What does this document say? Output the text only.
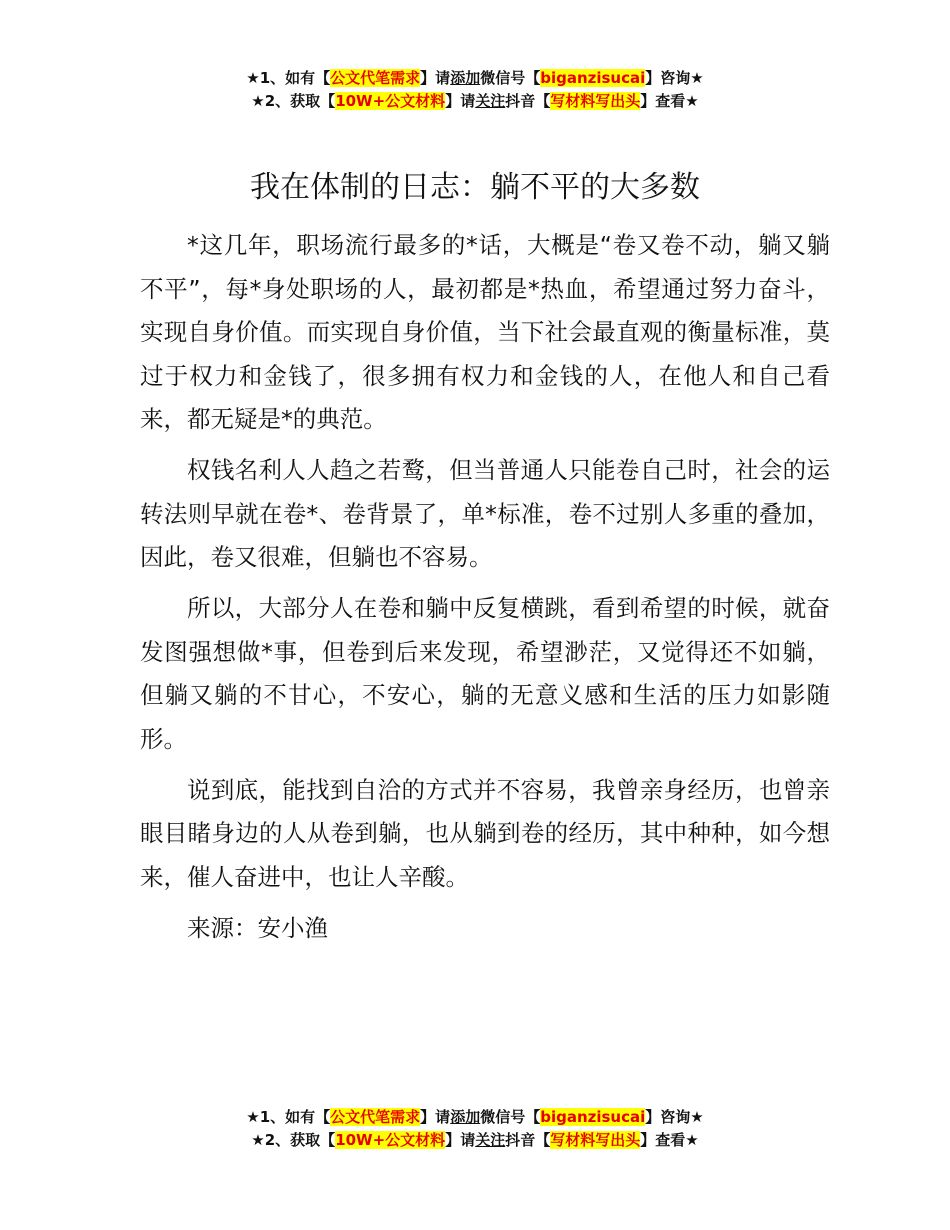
★1、如有【公文代笔需求】请添加微信号【biganzisucai】咨询★
★2、获取【10W+公文材料】请关注抖音【写材料写出头】查看★
我在体制的日志：躺不平的大多数

*这几年，职场流行最多的*话，大概是“卷又卷不动，躺又躺不平”，每*身处职场的人，最初都是*热血，希望通过努力奋斗，实现自身价值。而实现自身价值，当下社会最直观的衡量标准，莫过于权力和金钱了，很多拥有权力和金钱的人，在他人和自己看来，都无疑是*的典范。

权钱名利人人趋之若鹜，但当普通人只能卷自己时，社会的运转法则早就在卷*、卷背景了，单*标准，卷不过别人多重的叠加，因此，卷又很难，但躺也不容易。

所以，大部分人在卷和躺中反复横跳，看到希望的时候，就奋发图强想做*事，但卷到后来发现，希望渺茫，又觉得还不如躺，但躺又躺的不甘心，不安心，躺的无意义感和生活的压力如影随形。

说到底，能找到自洽的方式并不容易，我曾亲身经历，也曾亲眼目睹身边的人从卷到躺，也从躺到卷的经历，其中种种，如今想来，催人奋进中，也让人辛酸。

来源：安小渔

★1、如有【公文代笔需求】请添加微信号【biganzisucai】咨询★
★2、获取【10W+公文材料】请关注抖音【写材料写出头】查看★
